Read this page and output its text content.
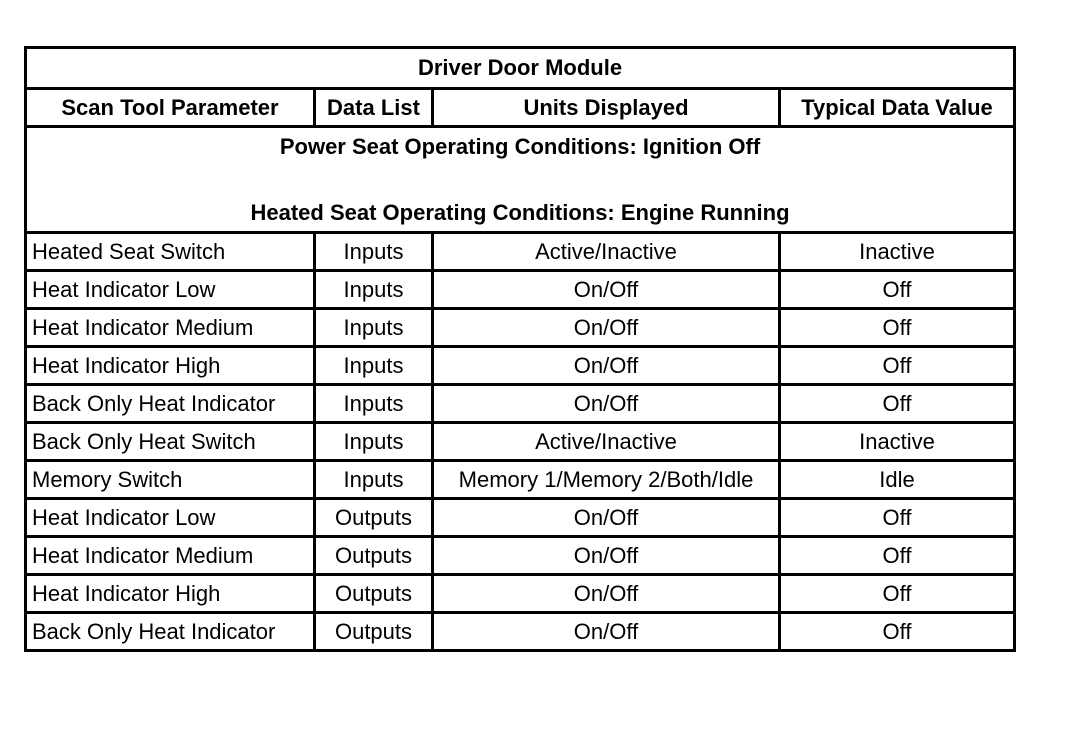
Driver Door Module			
Scan Tool Parameter	Data List	Units Displayed	Typical Data Value

Power Seat Operating Conditions: Ignition Off
Heated Seat Operating Conditions: Engine Running			

Heated Seat Switch	Inputs	Active/Inactive	Inactive
Heat Indicator Low	Inputs	On/Off	Off
Heat Indicator Medium	Inputs	On/Off	Off
Heat Indicator High	Inputs	On/Off	Off
Back Only Heat Indicator	Inputs	On/Off	Off
Back Only Heat Switch	Inputs	Active/Inactive	Inactive
Memory Switch	Inputs	Memory 1/Memory 2/Both/Idle	Idle
Heat Indicator Low	Outputs	On/Off	Off
Heat Indicator Medium	Outputs	On/Off	Off
Heat Indicator High	Outputs	On/Off	Off
Back Only Heat Indicator	Outputs	On/Off	Off
